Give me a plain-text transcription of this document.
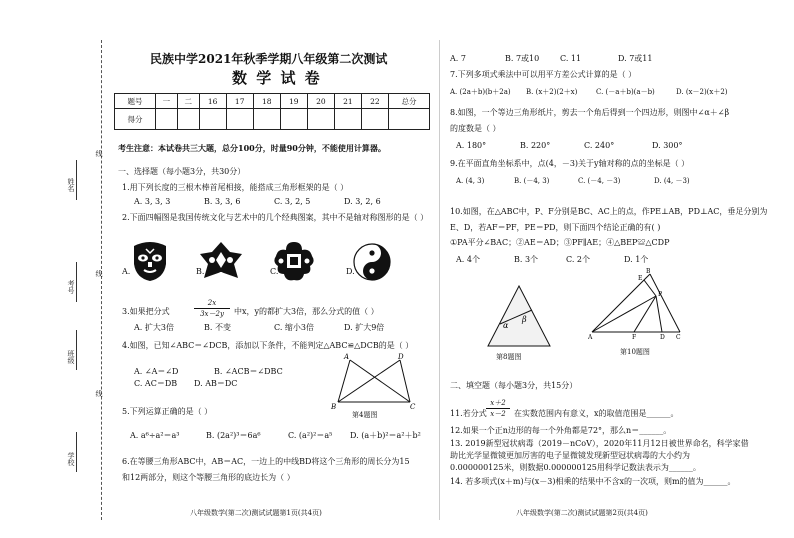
姓名
考号
班级
学校
线
线
线
民族中学2021年秋季学期八年级第二次测试
数 学 试 卷
题号	一	二	16	17	18	19	20	21	22	总分
得分										
考生注意：本试卷共三大题，总分100分，时量90分钟，不能使用计算器。
一、选择题（每小题3分，共30分）
1.用下列长度的三根木棒首尾相接，能搭成三角形框架的是（ ）
A. 3, 3, 3	B. 3, 3, 6	C. 3, 2, 5	D. 3, 2, 6
2.下面四幅图是我国传统文化与艺术中的几个经典图案，其中不是轴对称图形的是（ ）
A.	B.	C.	D.
3.如果把分式
2x
3x－2y	中x，y的都扩大3倍，那么分式的值（ ）
A. 扩大3倍	B. 不变	C. 缩小3倍	D. 扩大9倍
4.如图，已知∠ABC＝∠DCB，添加以下条件，不能判定△ABC≌△DCB的是（ ）
A. ∠A＝∠D	B. ∠ACB＝∠DBC
C. AC＝DB D. AB＝DC
A	D
B	C
第4题图
5.下列运算正确的是（ ）
A. a⁶÷a²＝a³	B. (2a²)³＝6a⁶	C. (a²)²＝a⁵ D. (a＋b)²＝a²＋b²
6.在等腰三角形ABC中，AB＝AC，一边上的中线BD将这个三角形的周长分为15
和12两部分，则这个等腰三角形的底边长为（ ）
八年级数学(第二次)测试试题第1页(共4页)
A. 7	B. 7或10	C. 11	D. 7或11
7.下列多项式乘法中可以用平方差公式计算的是（ ）
A. (2a＋b)(b＋2a) B. (x＋2)(2＋x)	C. (－a＋b)(a－b)	D. (x－2)(x＋2)
8.如图，一个等边三角形纸片，剪去一个角后得到一个四边形，则图中∠α＋∠β
的度数是（ ）
A. 180°	B. 220°	C. 240°	D. 300°
9.在平面直角坐标系中，点(4，－3)关于y轴对称的点的坐标是（ ）
A. (4, 3)	B. (－4, 3)	C. (－4, －3)	D. (4, －3)
10.如图，在△ABC中，P、F分别是BC、AC上的点，作PE⊥AB，PD⊥AC，垂足分别为
E、D，若AF＝PF，PE＝PD，则下面四个结论正确的有( )
①PA平分∠BAC；②AE＝AD；③PF∥AE；④△BEP≌△CDP
A. 4个	B. 3个	C. 2个	D. 1个
α
β
第8题图
B
E
P
A	F	D C
第10题图
二、填空题（每小题3分，共15分）
11.若分式
x＋2
x－2	在实数范围内有意义，x的取值范围是______。
12.如果一个正n边形的每一个外角都是72°，那么n＝______。
13. 2019新型冠状病毒（2019－nCoV），2020年11月12日被世界命名，科学家借
助比光学显微镜更加厉害的电子显微镜发现新型冠状病毒的大小约为
0.000000125米，则数据0.000000125用科学记数法表示为______。
14. 若多项式(x＋m)与(x－3)相乘的结果中不含x的一次项，则m的值为______。
八年级数学(第二次)测试试题第2页(共4页)
